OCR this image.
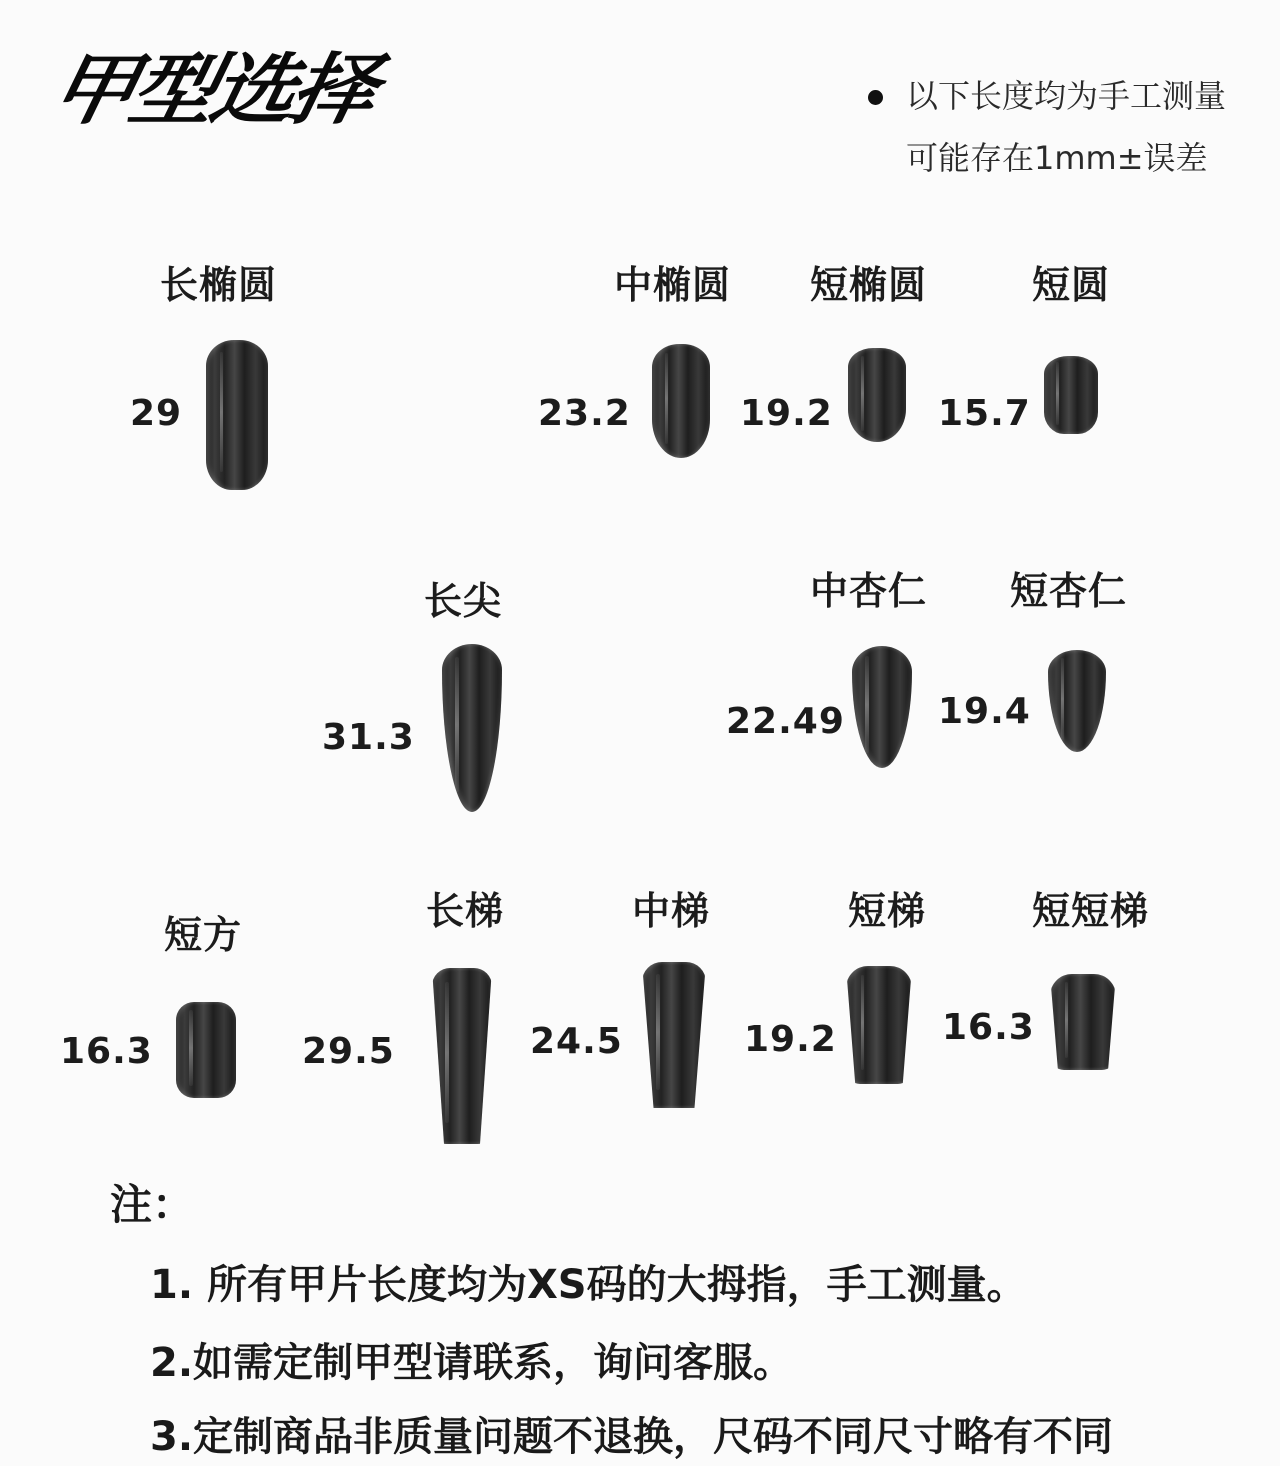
甲型选择	以下长度均为手工测量
可能存在1mm±误差
长椭圆
29
中椭圆
23.2
短椭圆
19.2
短圆
15.7
长尖
31.3
中杏仁
22.49
短杏仁
19.4
短方
16.3
长梯
29.5
中梯
24.5
短梯
19.2
短短梯
16.3
注：
1. 所有甲片长度均为XS码的大拇指，手工测量。
2.如需定制甲型请联系，询问客服。
3.定制商品非质量问题不退换，尺码不同尺寸略有不同
